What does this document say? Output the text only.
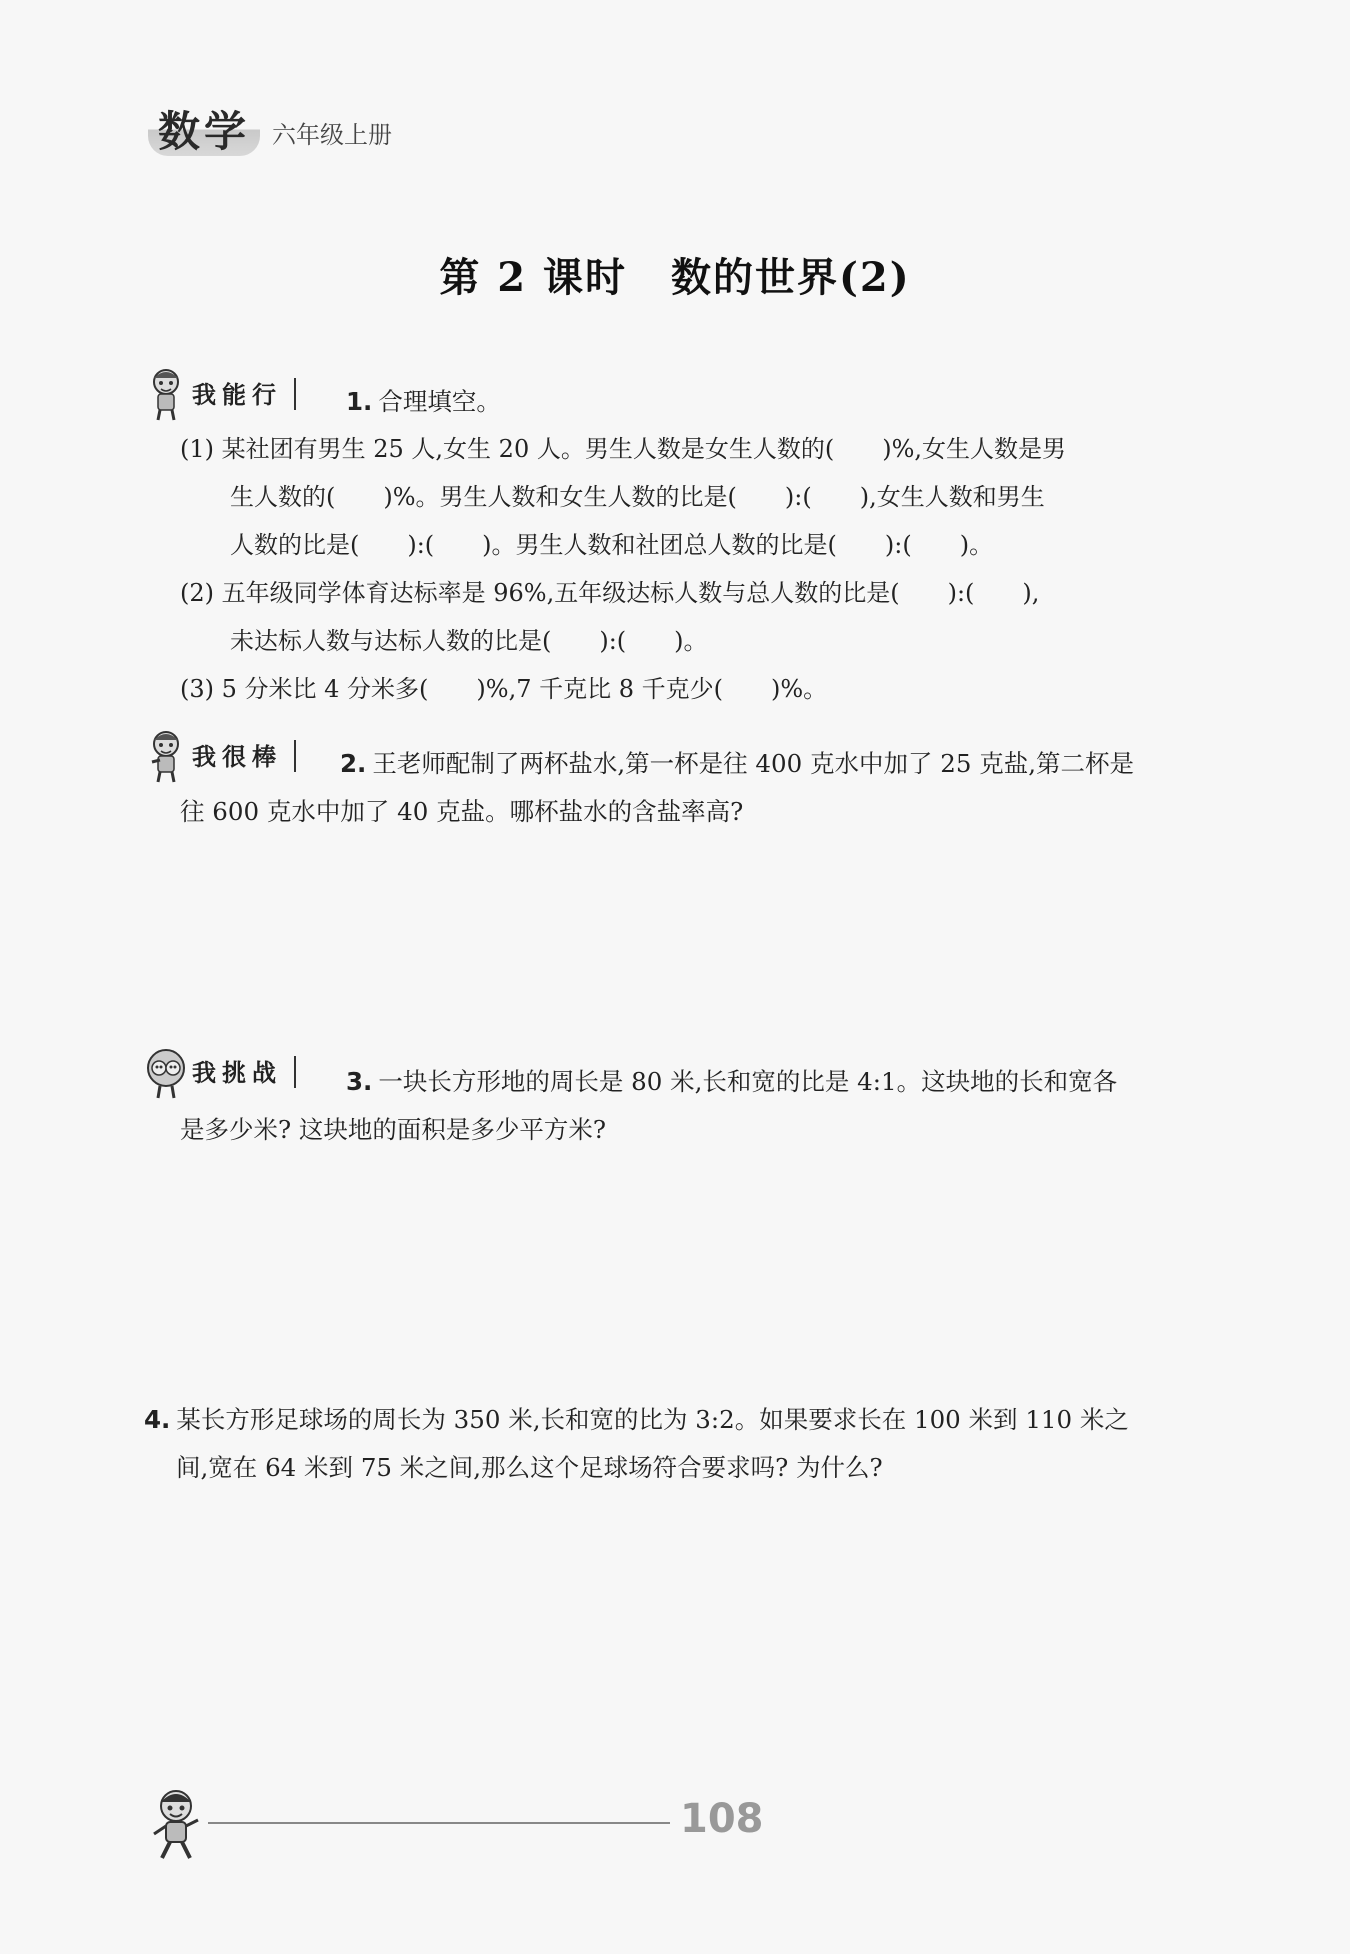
数学 六年级上册
第 2 课时 数的世界(2)
我能行	1. 合理填空。
(1) 某社团有男生 25 人,女生 20 人。男生人数是女生人数的(　　)%,女生人数是男
生人数的(　　)%。男生人数和女生人数的比是(　　):(　　),女生人数和男生
人数的比是(　　):(　　)。男生人数和社团总人数的比是(　　):(　　)。
(2) 五年级同学体育达标率是 96%,五年级达标人数与总人数的比是(　　):(　　),
未达标人数与达标人数的比是(　　):(　　)。
(3) 5 分米比 4 分米多(　　)%,7 千克比 8 千克少(　　)%。
我很棒	2. 王老师配制了两杯盐水,第一杯是往 400 克水中加了 25 克盐,第二杯是
往 600 克水中加了 40 克盐。哪杯盐水的含盐率高?
我挑战	3. 一块长方形地的周长是 80 米,长和宽的比是 4:1。这块地的长和宽各
是多少米? 这块地的面积是多少平方米?
4. 某长方形足球场的周长为 350 米,长和宽的比为 3:2。如果要求长在 100 米到 110 米之
间,宽在 64 米到 75 米之间,那么这个足球场符合要求吗? 为什么?
108
